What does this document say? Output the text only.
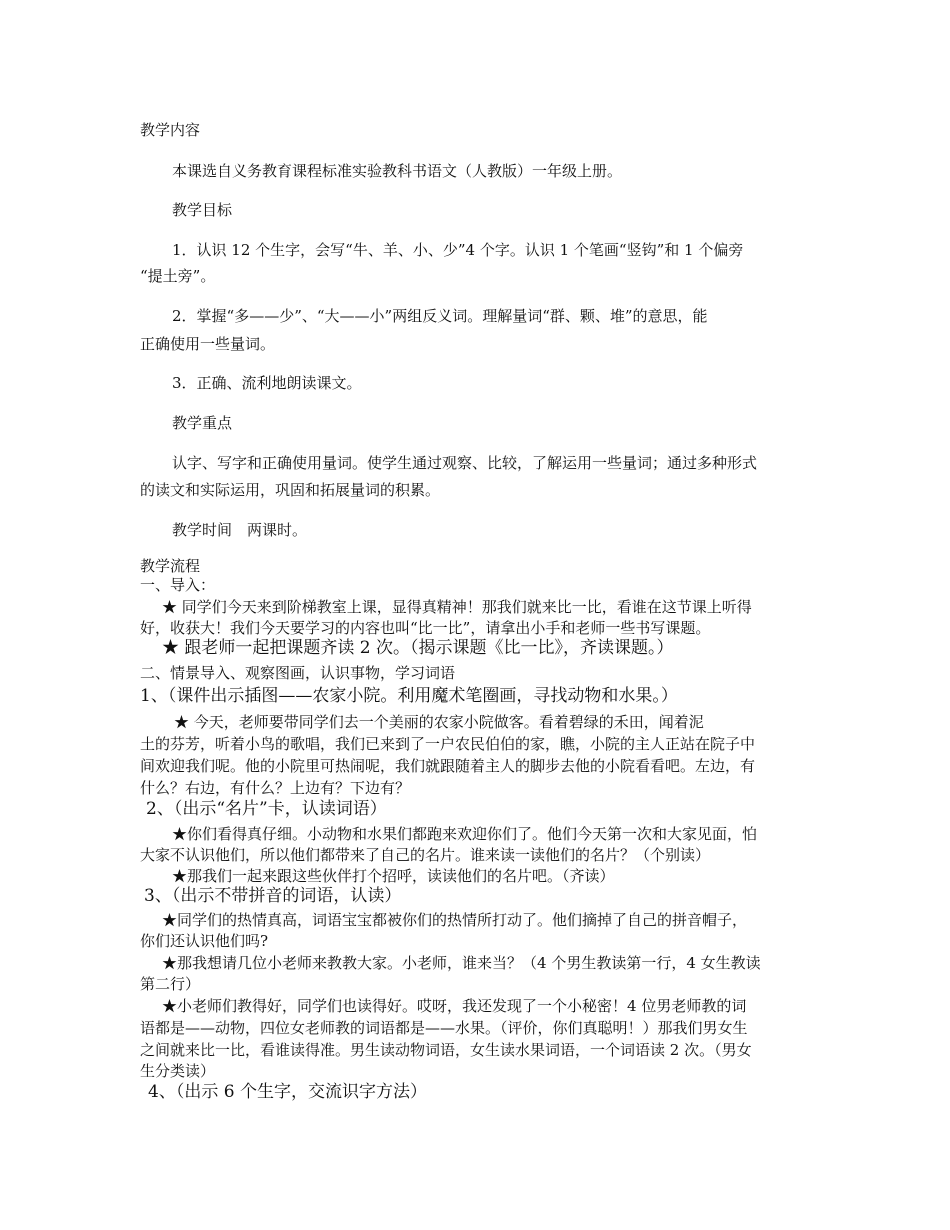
教学内容
本课选自义务教育课程标准实验教科书语文（人教版）一年级上册。
教学目标
1．认识 12 个生字，会写“牛、羊、小、少”4 个字。认识 1 个笔画“竖钩”和 1 个偏旁
“提土旁”。
2．掌握“多——少”、“大——小”两组反义词。理解量词“群、颗、堆”的意思，能
正确使用一些量词。
3．正确、流利地朗读课文。
教学重点
认字、写字和正确使用量词。使学生通过观察、比较，了解运用一些量词；通过多种形式
的读文和实际运用，巩固和拓展量词的积累。
教学时间　两课时。
教学流程
一、导入：
★ 同学们今天来到阶梯教室上课，显得真精神！那我们就来比一比，看谁在这节课上听得
好，收获大！我们今天要学习的内容也叫“比一比”，请拿出小手和老师一些书写课题。
★ 跟老师一起把课题齐读 2 次。（揭示课题《比一比》，齐读课题。）
二、情景导入、观察图画，认识事物，学习词语
1、（课件出示插图——农家小院。利用魔术笔圈画，寻找动物和水果。）
★ 今天，老师要带同学们去一个美丽的农家小院做客。看着碧绿的禾田，闻着泥
土的芬芳，听着小鸟的歌唱，我们已来到了一户农民伯伯的家，瞧，小院的主人正站在院子中
间欢迎我们呢。他的小院里可热闹呢，我们就跟随着主人的脚步去他的小院看看吧。左边，有
什么？右边，有什么？上边有？下边有？
2、（出示“名片”卡，认读词语）
★你们看得真仔细。小动物和水果们都跑来欢迎你们了。他们今天第一次和大家见面，怕
大家不认识他们，所以他们都带来了自己的名片。谁来读一读他们的名片？（个别读）
★那我们一起来跟这些伙伴打个招呼，读读他们的名片吧。（齐读）
3、（出示不带拼音的词语，认读）
★同学们的热情真高，词语宝宝都被你们的热情所打动了。他们摘掉了自己的拼音帽子，
你们还认识他们吗?
★那我想请几位小老师来教教大家。小老师，谁来当？（4 个男生教读第一行，4 女生教读
第二行）
★小老师们教得好，同学们也读得好。哎呀，我还发现了一个小秘密！4 位男老师教的词
语都是——动物，四位女老师教的词语都是——水果。（评价，你们真聪明！）那我们男女生
之间就来比一比，看谁读得准。男生读动物词语，女生读水果词语，一个词语读 2 次。（男女
生分类读）
4、（出示 6 个生字，交流识字方法）
